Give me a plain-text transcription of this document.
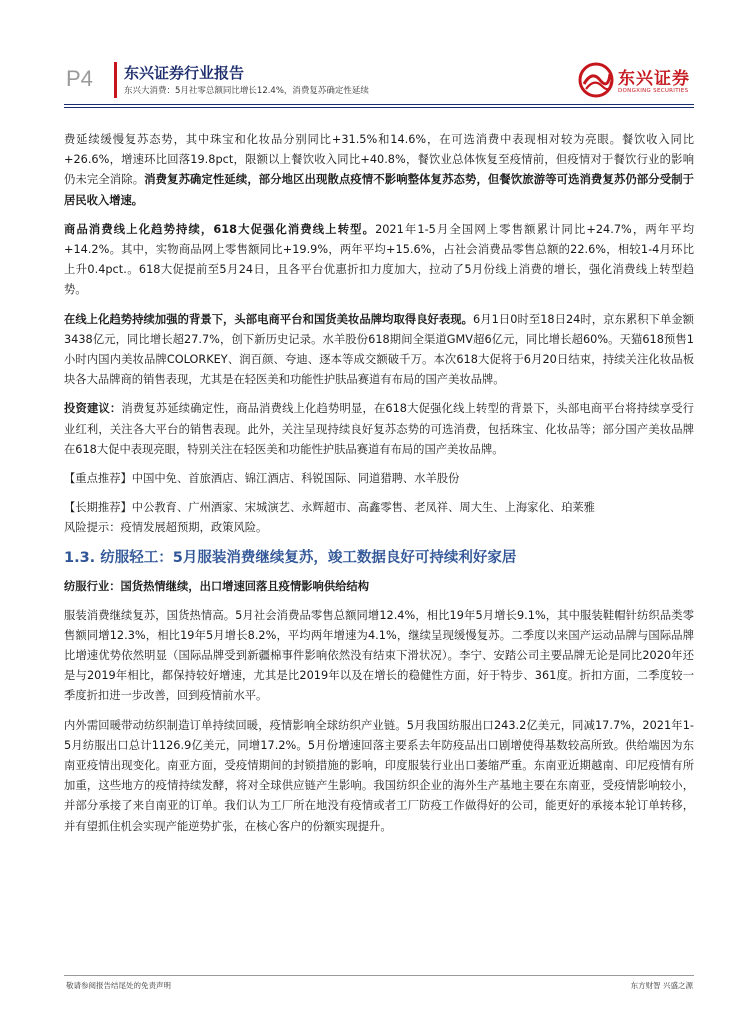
P4 东兴证券行业报告
东兴大消费：5月社零总额同比增长12.4%，消费复苏确定性延续
东兴证券
DONGXING SECURITIES

费延续缓慢复苏态势，其中珠宝和化妆品分别同比+31.5%和14.6%，在可选消费中表现相对较为亮眼。餐饮收入同比+26.6%，增速环比回落19.8pct，限额以上餐饮收入同比+40.8%，餐饮业总体恢复至疫情前，但疫情对于餐饮行业的影响仍未完全消除。消费复苏确定性延续，部分地区出现散点疫情不影响整体复苏态势，但餐饮旅游等可选消费复苏仍部分受制于居民收入增速。

商品消费线上化趋势持续，618大促强化消费线上转型。2021年1-5月全国网上零售额累计同比+24.7%，两年平均+14.2%。其中，实物商品网上零售额同比+19.9%，两年平均+15.6%，占社会消费品零售总额的22.6%，相较1-4月环比上升0.4pct.。618大促提前至5月24日，且各平台优惠折扣力度加大，拉动了5月份线上消费的增长，强化消费线上转型趋势。

在线上化趋势持续加强的背景下，头部电商平台和国货美妆品牌均取得良好表现。6月1日0时至18日24时，京东累积下单金额3438亿元，同比增长超27.7%，创下新历史记录。水羊股份618期间全渠道GMV超6亿元，同比增长超60%。天猫618预售1小时内国内美妆品牌COLORKEY、润百颜、夸迪、逐本等成交额破千万。本次618大促将于6月20日结束，持续关注化妆品板块各大品牌商的销售表现，尤其是在轻医美和功能性护肤品赛道有布局的国产美妆品牌。

投资建议：消费复苏延续确定性，商品消费线上化趋势明显，在618大促强化线上转型的背景下，头部电商平台将持续享受行业红利，关注各大平台的销售表现。此外，关注呈现持续良好复苏态势的可选消费，包括珠宝、化妆品等；部分国产美妆品牌在618大促中表现亮眼，特别关注在轻医美和功能性护肤品赛道有布局的国产美妆品牌。

【重点推荐】中国中免、首旅酒店、锦江酒店、科锐国际、同道猎聘、水羊股份

【长期推荐】中公教育、广州酒家、宋城演艺、永辉超市、高鑫零售、老凤祥、周大生、上海家化、珀莱雅

风险提示：疫情发展超预期，政策风险。

1.3. 纺服轻工：5月服装消费继续复苏，竣工数据良好可持续利好家居
纺服行业：国货热情继续，出口增速回落且疫情影响供给结构

服装消费继续复苏，国货热情高。5月社会消费品零售总额同增12.4%，相比19年5月增长9.1%，其中服装鞋帽针纺织品类零售额同增12.3%，相比19年5月增长8.2%，平均两年增速为4.1%，继续呈现缓慢复苏。二季度以来国产运动品牌与国际品牌比增速优势依然明显（国际品牌受到新疆棉事件影响依然没有结束下滑状况）。李宁、安踏公司主要品牌无论是同比2020年还是与2019年相比，都保持较好增速，尤其是比2019年以及在增长的稳健性方面，好于特步、361度。折扣方面，二季度较一季度折扣进一步改善，回到疫情前水平。

内外需回暖带动纺织制造订单持续回暖，疫情影响全球纺织产业链。5月我国纺服出口243.2亿美元，同减17.7%，2021年1-5月纺服出口总计1126.9亿美元，同增17.2%。5月份增速回落主要系去年防疫品出口剧增使得基数较高所致。供给端因为东南亚疫情出现变化。南亚方面，受疫情期间的封锁措施的影响，印度服装行业出口萎缩严重。东南亚近期越南、印尼疫情有所加重，这些地方的疫情持续发酵，将对全球供应链产生影响。我国纺织企业的海外生产基地主要在东南亚，受疫情影响较小，并部分承接了来自南亚的订单。我们认为工厂所在地没有疫情或者工厂防疫工作做得好的公司，能更好的承接本轮订单转移，并有望抓住机会实现产能逆势扩张，在核心客户的份额实现提升。

敬请参阅报告结尾处的免责声明	东方财智 兴盛之源
